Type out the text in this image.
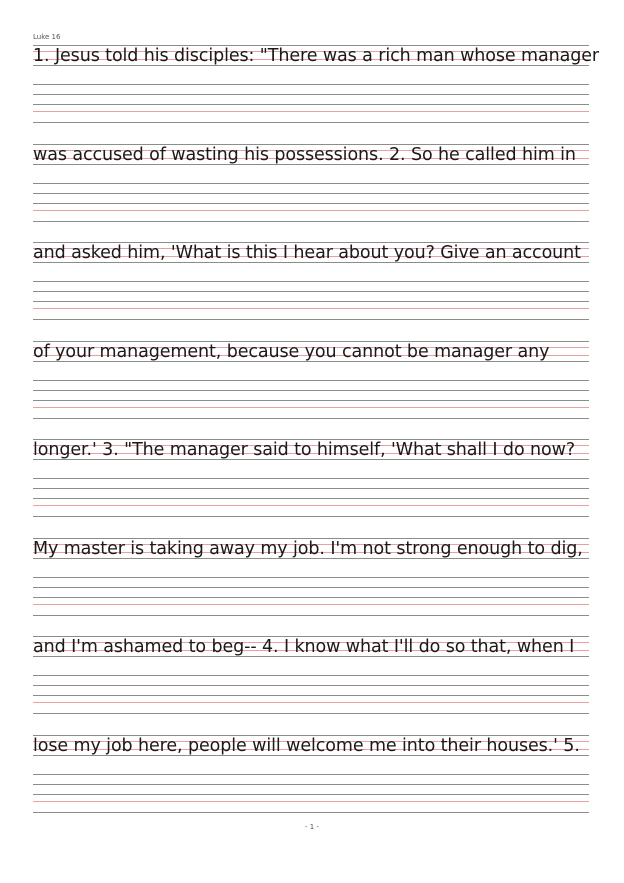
Luke 16
1. Jesus told his disciples: "There was a rich man whose manager
was accused of wasting his possessions. 2. So he called him in
and asked him, 'What is this I hear about you? Give an account
of your management, because you cannot be manager any
longer.' 3. "The manager said to himself, 'What shall I do now?
My master is taking away my job. I'm not strong enough to dig,
and I'm ashamed to beg-- 4. I know what I'll do so that, when I
lose my job here, people will welcome me into their houses.' 5.
- 1 -
